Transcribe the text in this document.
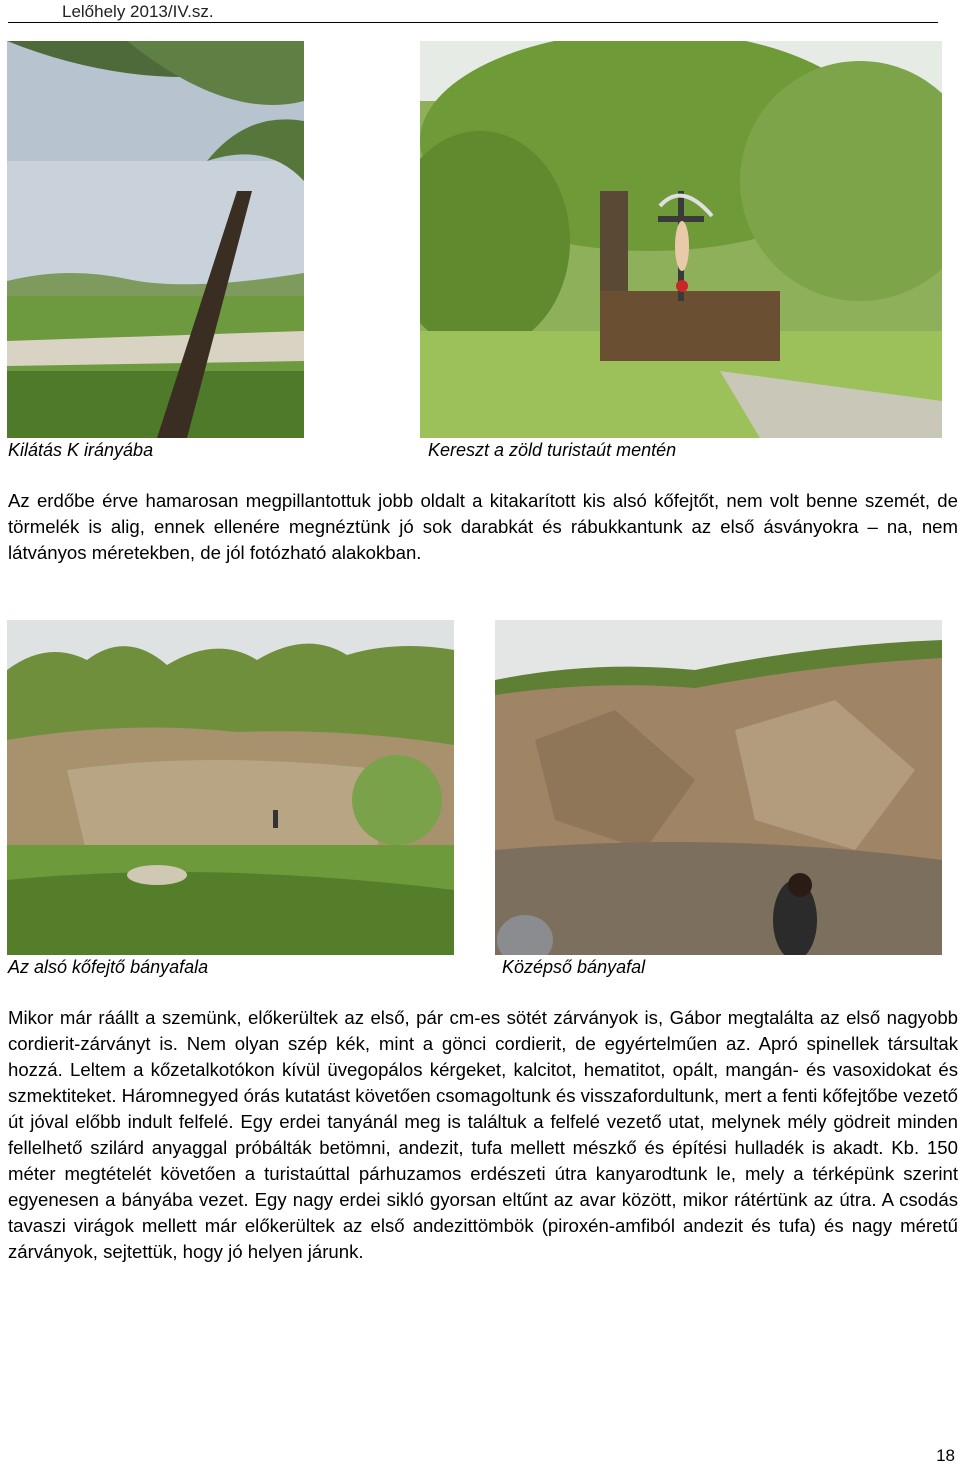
Lelőhely 2013/IV.sz.
Kilátás K irányába	Kereszt a zöld turistaút mentén

Az erdőbe érve hamarosan megpillantottuk jobb oldalt a kitakarított kis alsó kőfejtőt, nem volt benne szemét, de törmelék is alig, ennek ellenére megnéztünk jó sok darabkát és rábukkantunk az első ásványokra – na, nem látványos méretekben, de jól fotózható alakokban.

Az alsó kőfejtő bányafala	Középső bányafal

Mikor már ráállt a szemünk, előkerültek az első, pár cm-es sötét zárványok is, Gábor megtalálta az első nagyobb cordierit-zárványt is. Nem olyan szép kék, mint a gönci cordierit, de egyértelműen az. Apró spinellek társultak hozzá. Leltem a kőzetalkotókon kívül üvegopálos kérgeket, kalcitot, hematitot, opált, mangán- és vasoxidokat és szmektiteket. Háromnegyed órás kutatást követően csomagoltunk és visszafordultunk, mert a fenti kőfejtőbe vezető út jóval előbb indult felfelé. Egy erdei tanyánál meg is találtuk a felfelé vezető utat, melynek mély gödreit minden fellelhető szilárd anyaggal próbálták betömni, andezit, tufa mellett mészkő és építési hulladék is akadt. Kb. 150 méter megtételét követően a turistaúttal párhuzamos erdészeti útra kanyarodtunk le, mely a térképünk szerint egyenesen a bányába vezet. Egy nagy erdei sikló gyorsan eltűnt az avar között, mikor rátértünk az útra. A csodás tavaszi virágok mellett már előkerültek az első andezittömbök (piroxén-amfiból andezit és tufa) és nagy méretű zárványok, sejtettük, hogy jó helyen járunk.

18
